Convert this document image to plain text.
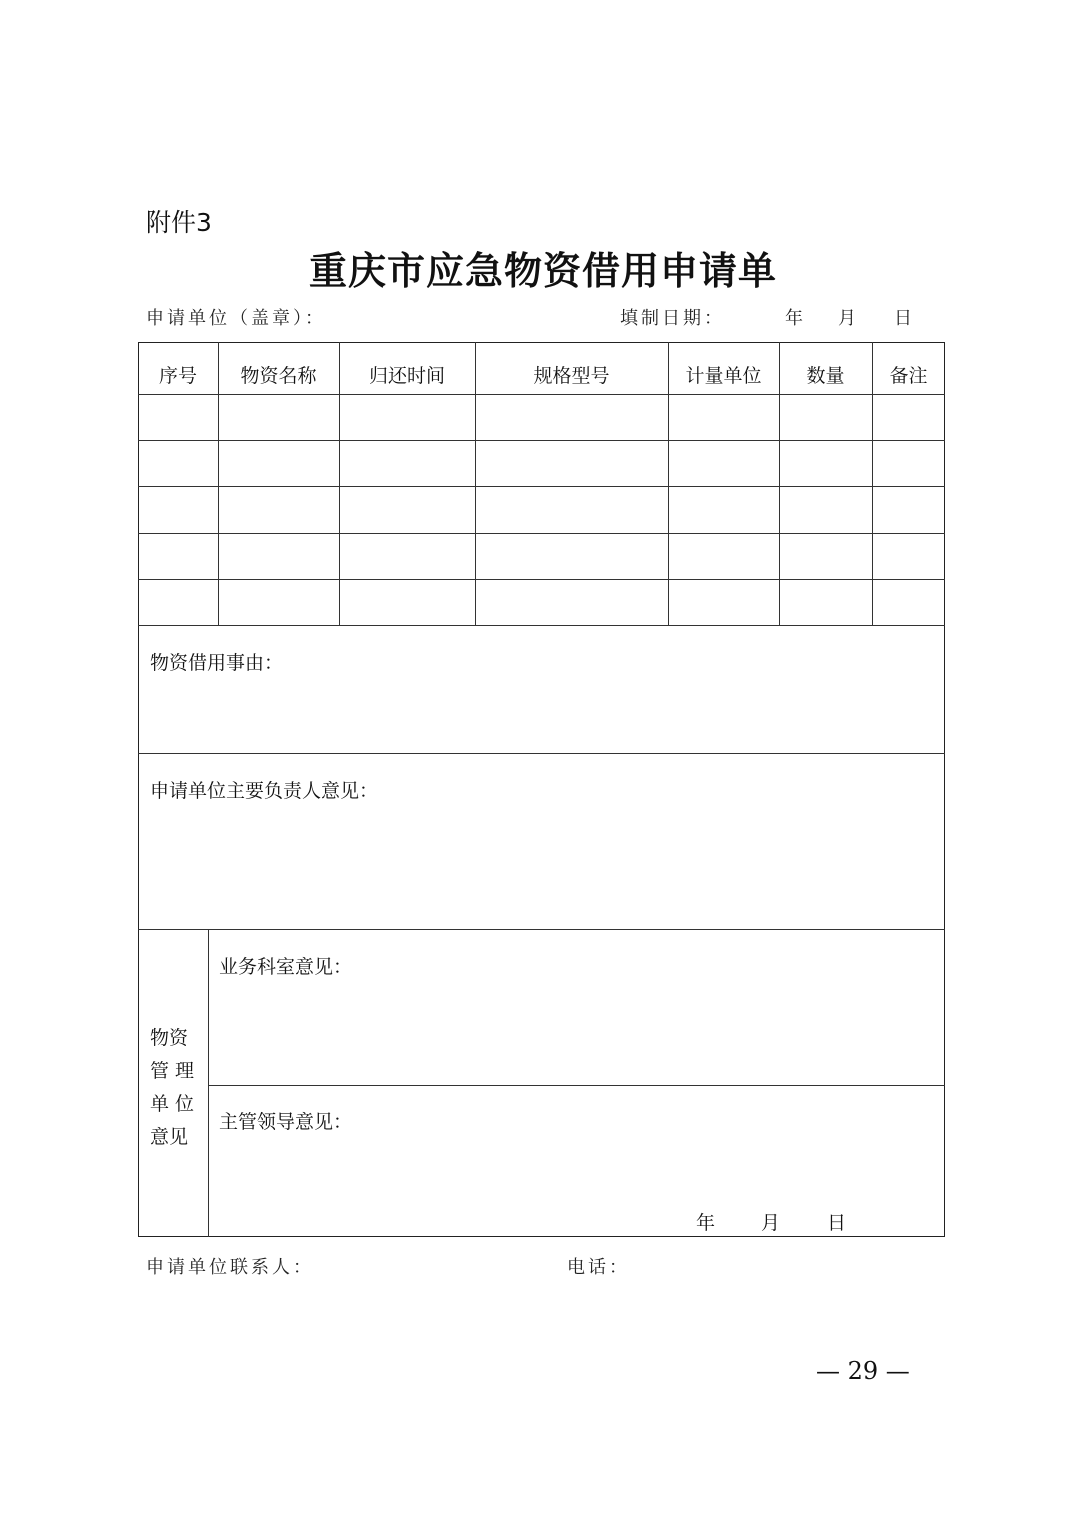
附件3
重庆市应急物资借用申请单
申请单位（盖章）：	填制日期：	年 月 日
序号	物资名称	归还时间	规格型号	计量单位	数量	备注
物资借用事由：
申请单位主要负责人意见：
物资
管 理
单 位
意见
业务科室意见：
主管领导意见：
年 月 日
申请单位联系人：	电话：
— 29 —
